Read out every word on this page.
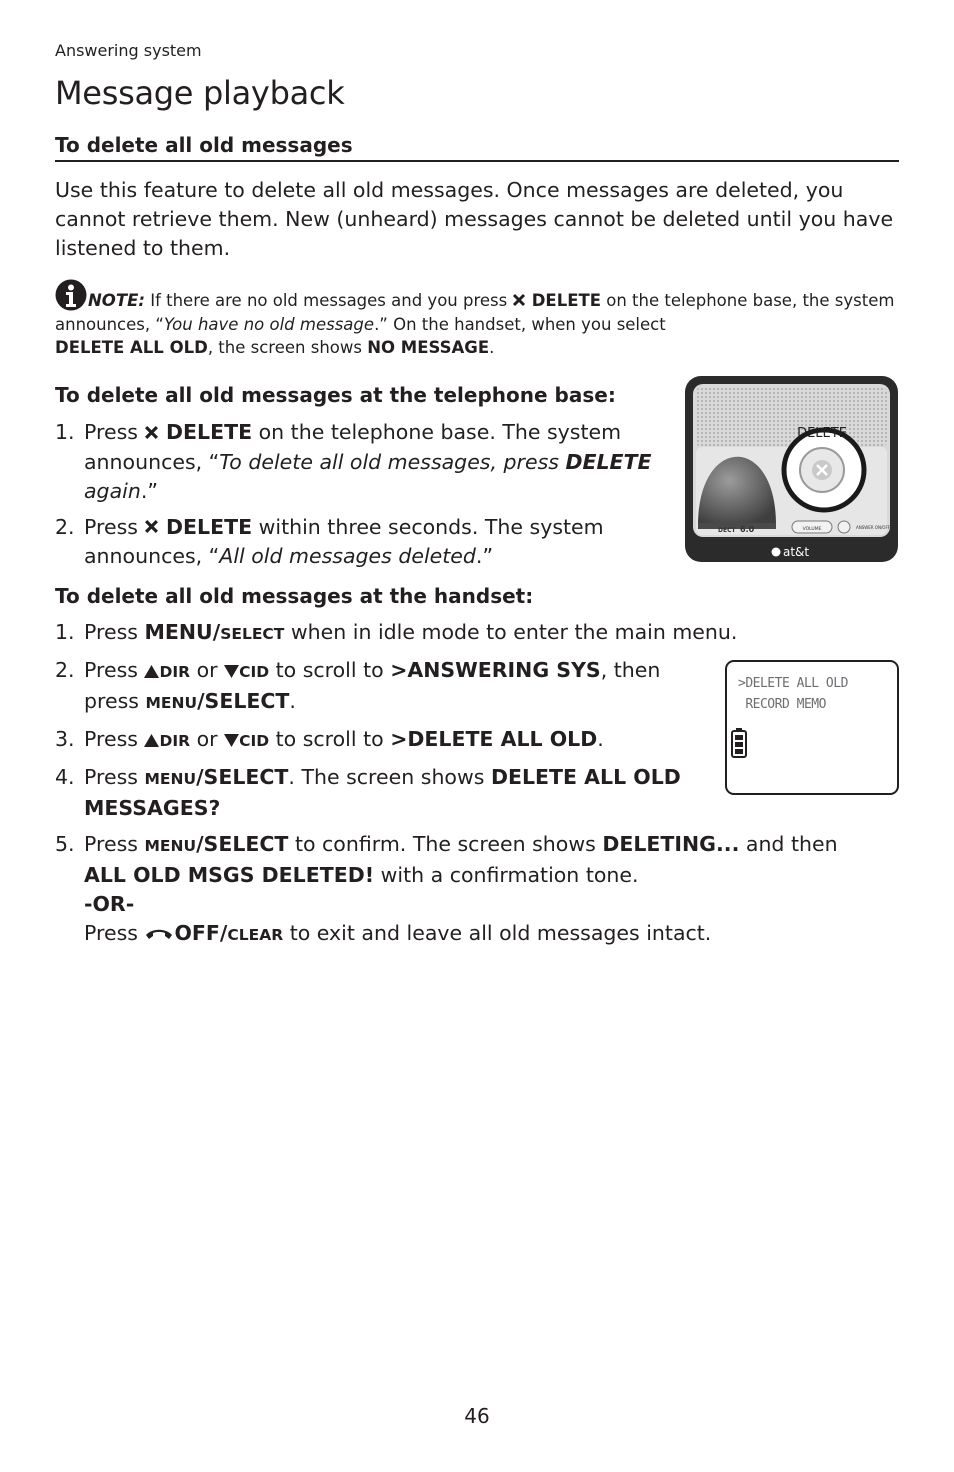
Answering system
Message playback
To delete all old messages
Use this feature to delete all old messages. Once messages are deleted, you cannot retrieve them. New (unheard) messages cannot be deleted until you have listened to them.
NOTE: If there are no old messages and you press  DELETE on the telephone base, the system announces, “You have no old message.” On the handset, when you select
DELETE ALL OLD, the screen shows NO MESSAGE.
To delete all old messages at the telephone base:
1. Press  DELETE on the telephone base. The system announces, “To delete all old messages, press DELETE again.”
2. Press  DELETE within three seconds. The system announces, “All old messages deleted.”
VOLUME	ANSWER ON/OFF
DECT 6.0
DELETE
at&t
To delete all old messages at the handset:
1. Press MENU/SELECT when in idle mode to enter the main menu.
2. Press DIR or CID to scroll to >ANSWERING SYS, then press MENU/SELECT.
3. Press DIR or CID to scroll to >DELETE ALL OLD.
4. Press MENU/SELECT. The screen shows DELETE ALL OLD MESSAGES?
5. Press MENU/SELECT to confirm. The screen shows DELETING... and then
ALL OLD MSGS DELETED! with a confirmation tone.
-OR-
Press OFF/CLEAR to exit and leave all old messages intact.
>DELETE ALL OLD
RECORD MEMO
46
